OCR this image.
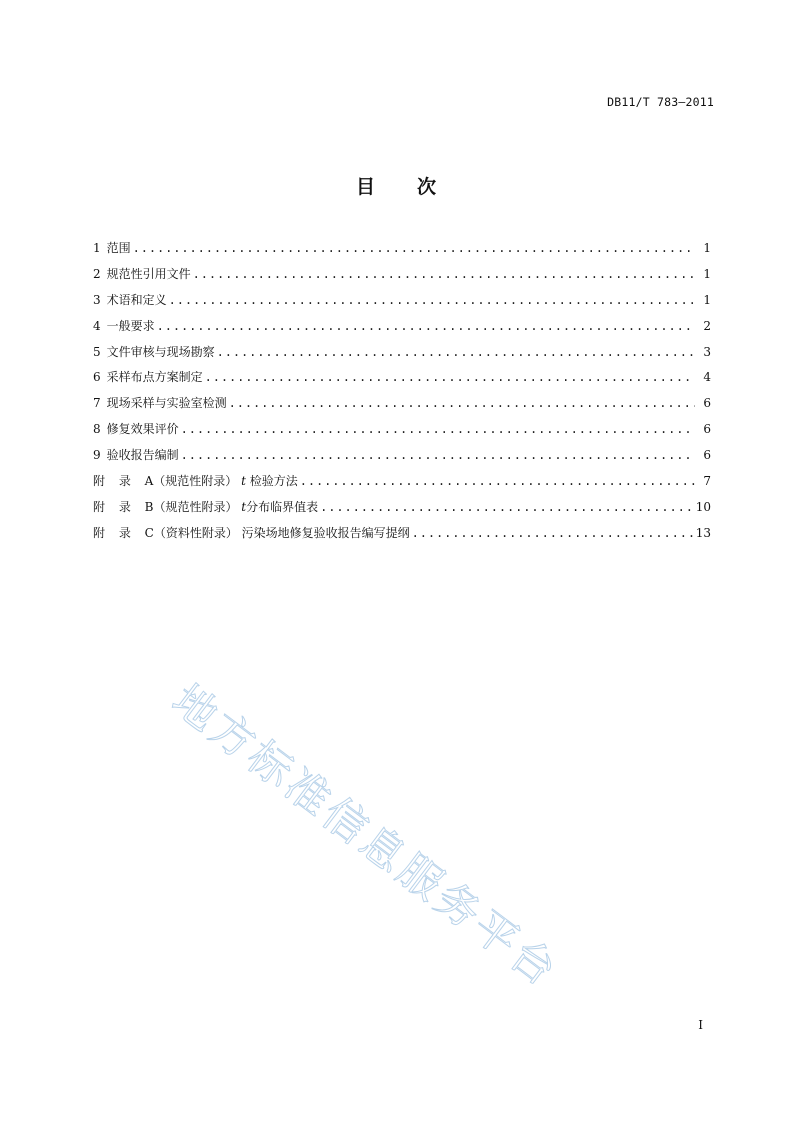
DB11/T 783—2011
目 次
1 范围 .....	1
2 规范性引用文件 .....	1
3 术语和定义 .....	1
4 一般要求 .....	2
5 文件审核与现场勘察 .....	3
6 采样布点方案制定 .....	4
7 现场采样与实验室检测 .....	6
8 修复效果评价 .....	6
9 验收报告编制 .....	6
附 录 A（规范性附录） t 检验方法 .....	7
附 录 B（规范性附录） t分布临界值表 .....	10
附 录 C（资料性附录） 污染场地修复验收报告编写提纲 .....	13
地方标准信息服务平台
I
